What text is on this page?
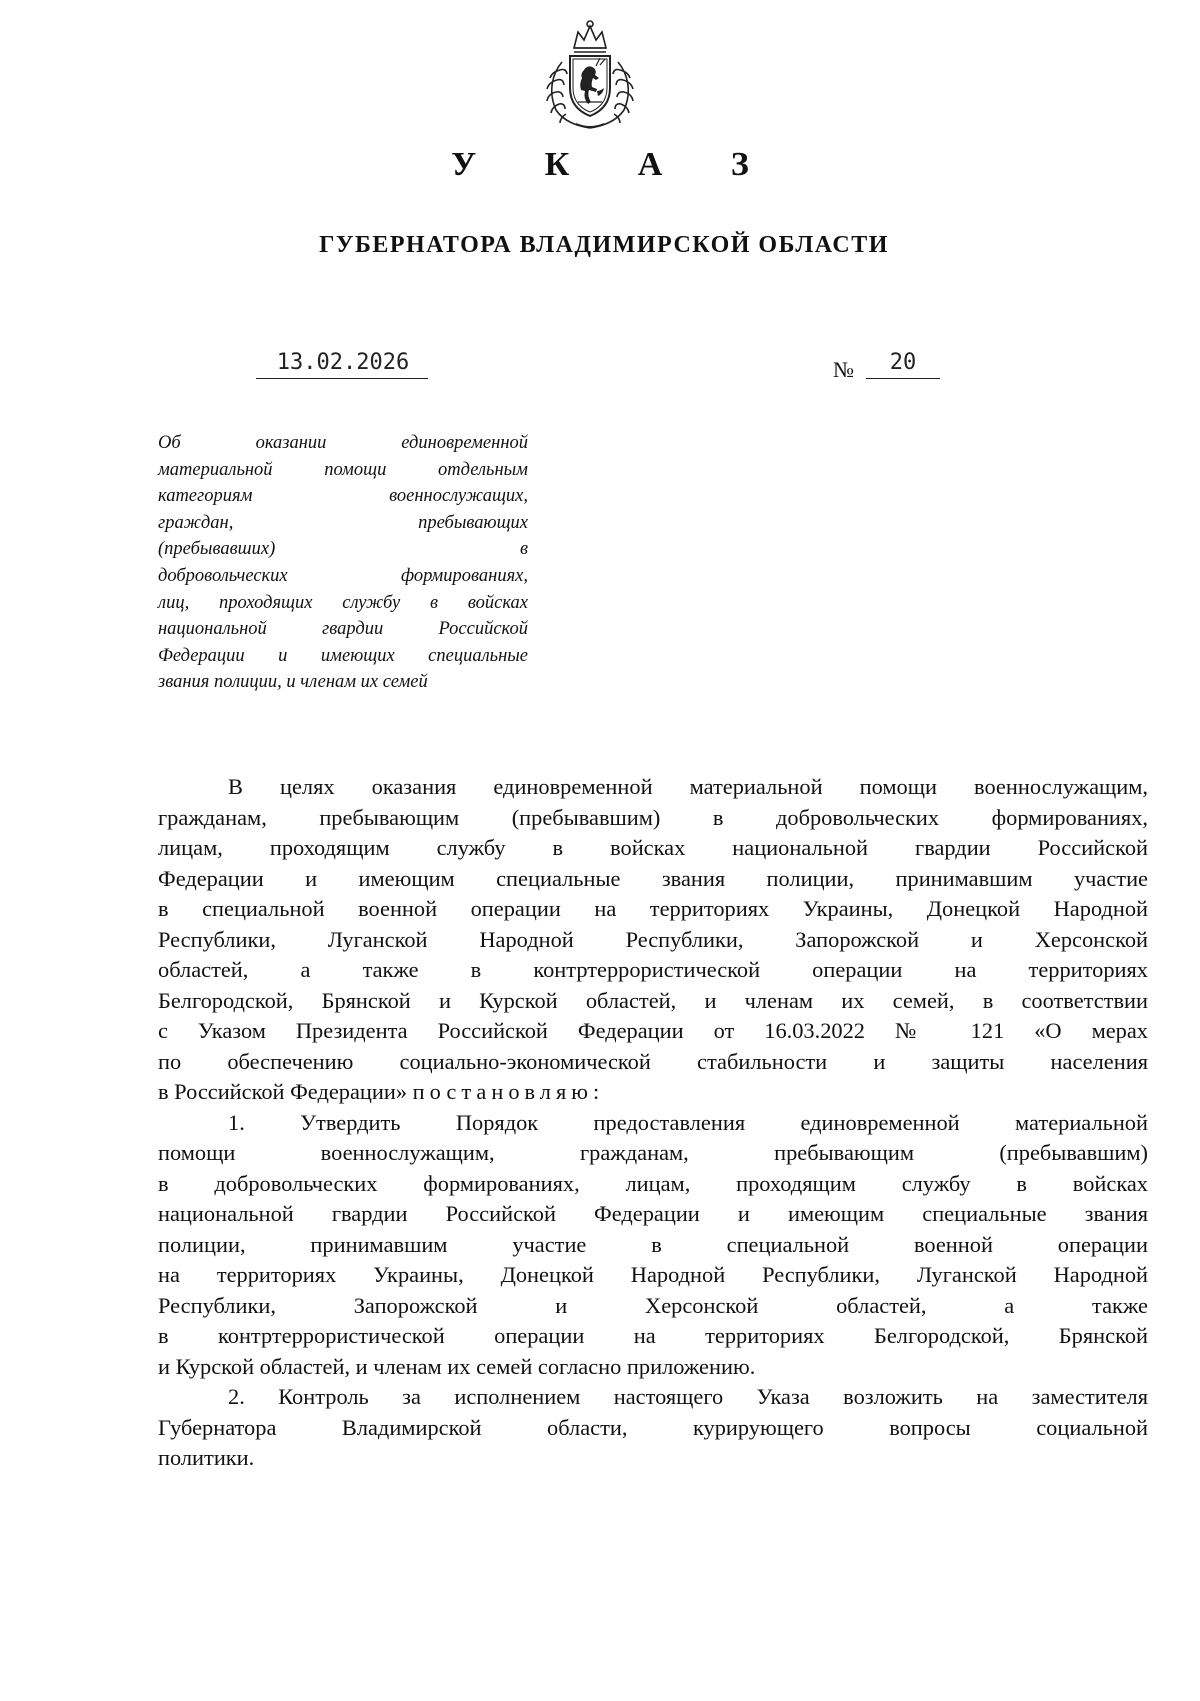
У К А З
ГУБЕРНАТОРА ВЛАДИМИРСКОЙ ОБЛАСТИ
13.02.2026	№	20
Об оказании единовременной
материальной помощи отдельным
категориям военнослужащих,
граждан, пребывающих
(пребывавших) в
добровольческих формированиях,
лиц, проходящих службу в войсках
национальной гвардии Российской
Федерации и имеющих специальные
звания полиции, и членам их семей
В целях оказания единовременной материальной помощи военнослужащим,
гражданам, пребывающим (пребывавшим) в добровольческих формированиях,
лицам, проходящим службу в войсках национальной гвардии Российской
Федерации и имеющим специальные звания полиции, принимавшим участие
в специальной военной операции на территориях Украины, Донецкой Народной
Республики, Луганской Народной Республики, Запорожской и Херсонской
областей, а также в контртеррористической операции на территориях
Белгородской, Брянской и Курской областей, и членам их семей, в соответствии
с Указом Президента Российской Федерации от 16.03.2022 № 121 «О мерах
по обеспечению социально-экономической стабильности и защиты населения
в Российской Федерации» постановляю:
1. Утвердить Порядок предоставления единовременной материальной
помощи военнослужащим, гражданам, пребывающим (пребывавшим)
в добровольческих формированиях, лицам, проходящим службу в войсках
национальной гвардии Российской Федерации и имеющим специальные звания
полиции, принимавшим участие в специальной военной операции
на территориях Украины, Донецкой Народной Республики, Луганской Народной
Республики, Запорожской и Херсонской областей, а также
в контртеррористической операции на территориях Белгородской, Брянской
и Курской областей, и членам их семей согласно приложению.
2. Контроль за исполнением настоящего Указа возложить на заместителя
Губернатора Владимирской области, курирующего вопросы социальной
политики.
